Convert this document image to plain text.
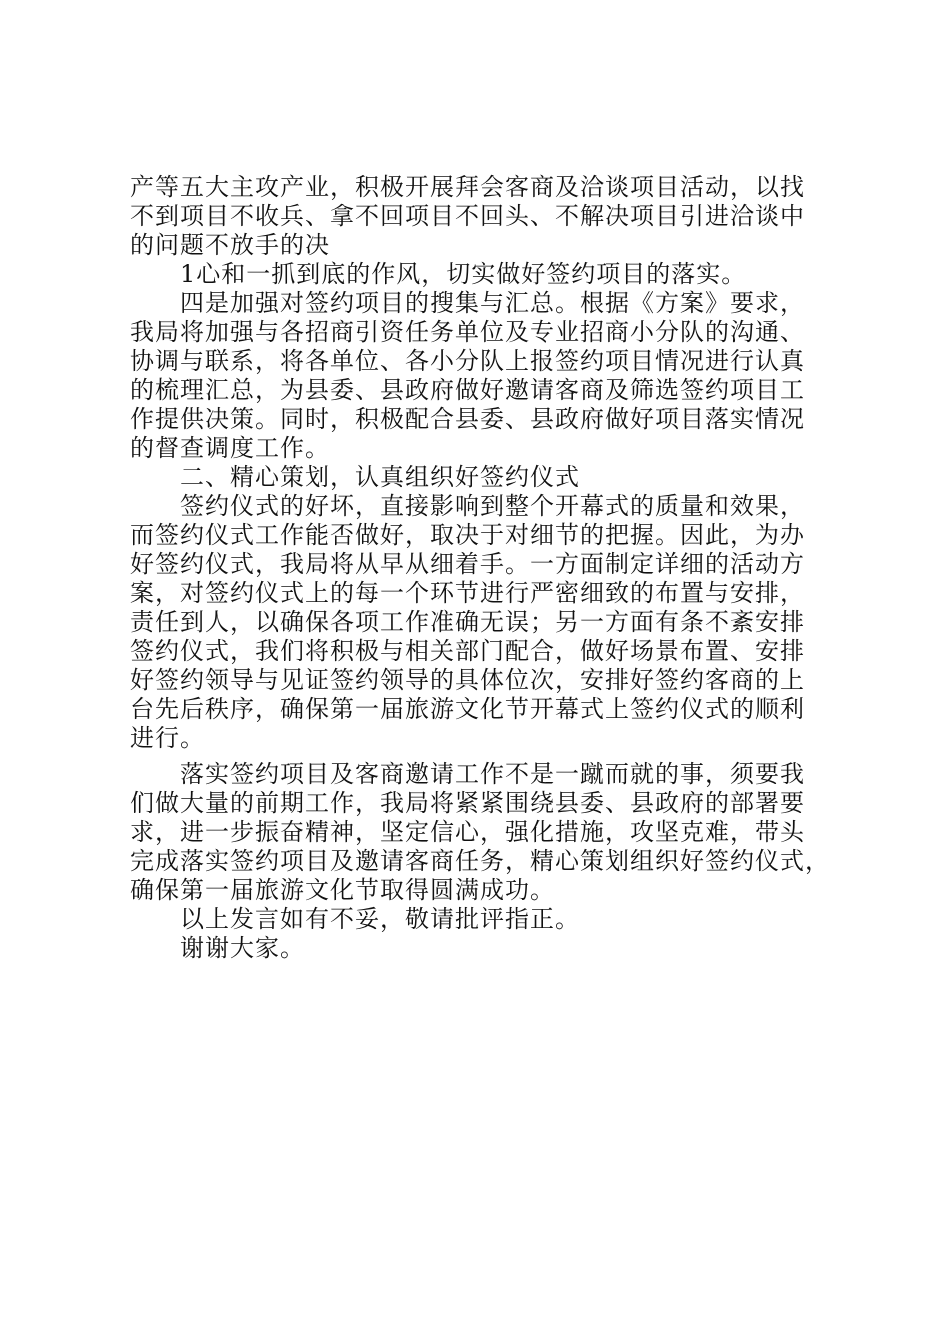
产等五大主攻产业，积极开展拜会客商及洽谈项目活动，以找
不到项目不收兵、拿不回项目不回头、不解决项目引进洽谈中
的问题不放手的决
1心和一抓到底的作风，切实做好签约项目的落实。
四是加强对签约项目的搜集与汇总。根据《方案》要求，
我局将加强与各招商引资任务单位及专业招商小分队的沟通、
协调与联系，将各单位、各小分队上报签约项目情况进行认真
的梳理汇总，为县委、县政府做好邀请客商及筛选签约项目工
作提供决策。同时，积极配合县委、县政府做好项目落实情况
的督查调度工作。
二、精心策划，认真组织好签约仪式
签约仪式的好坏，直接影响到整个开幕式的质量和效果，
而签约仪式工作能否做好，取决于对细节的把握。因此，为办
好签约仪式，我局将从早从细着手。一方面制定详细的活动方
案，对签约仪式上的每一个环节进行严密细致的布置与安排，
责任到人，以确保各项工作准确无误；另一方面有条不紊安排
签约仪式，我们将积极与相关部门配合，做好场景布置、安排
好签约领导与见证签约领导的具体位次，安排好签约客商的上
台先后秩序，确保第一届旅游文化节开幕式上签约仪式的顺利
进行。
落实签约项目及客商邀请工作不是一蹴而就的事，须要我
们做大量的前期工作，我局将紧紧围绕县委、县政府的部署要
求，进一步振奋精神，坚定信心，强化措施，攻坚克难，带头
完成落实签约项目及邀请客商任务，精心策划组织好签约仪式，
确保第一届旅游文化节取得圆满成功。
以上发言如有不妥，敬请批评指正。
谢谢大家。
